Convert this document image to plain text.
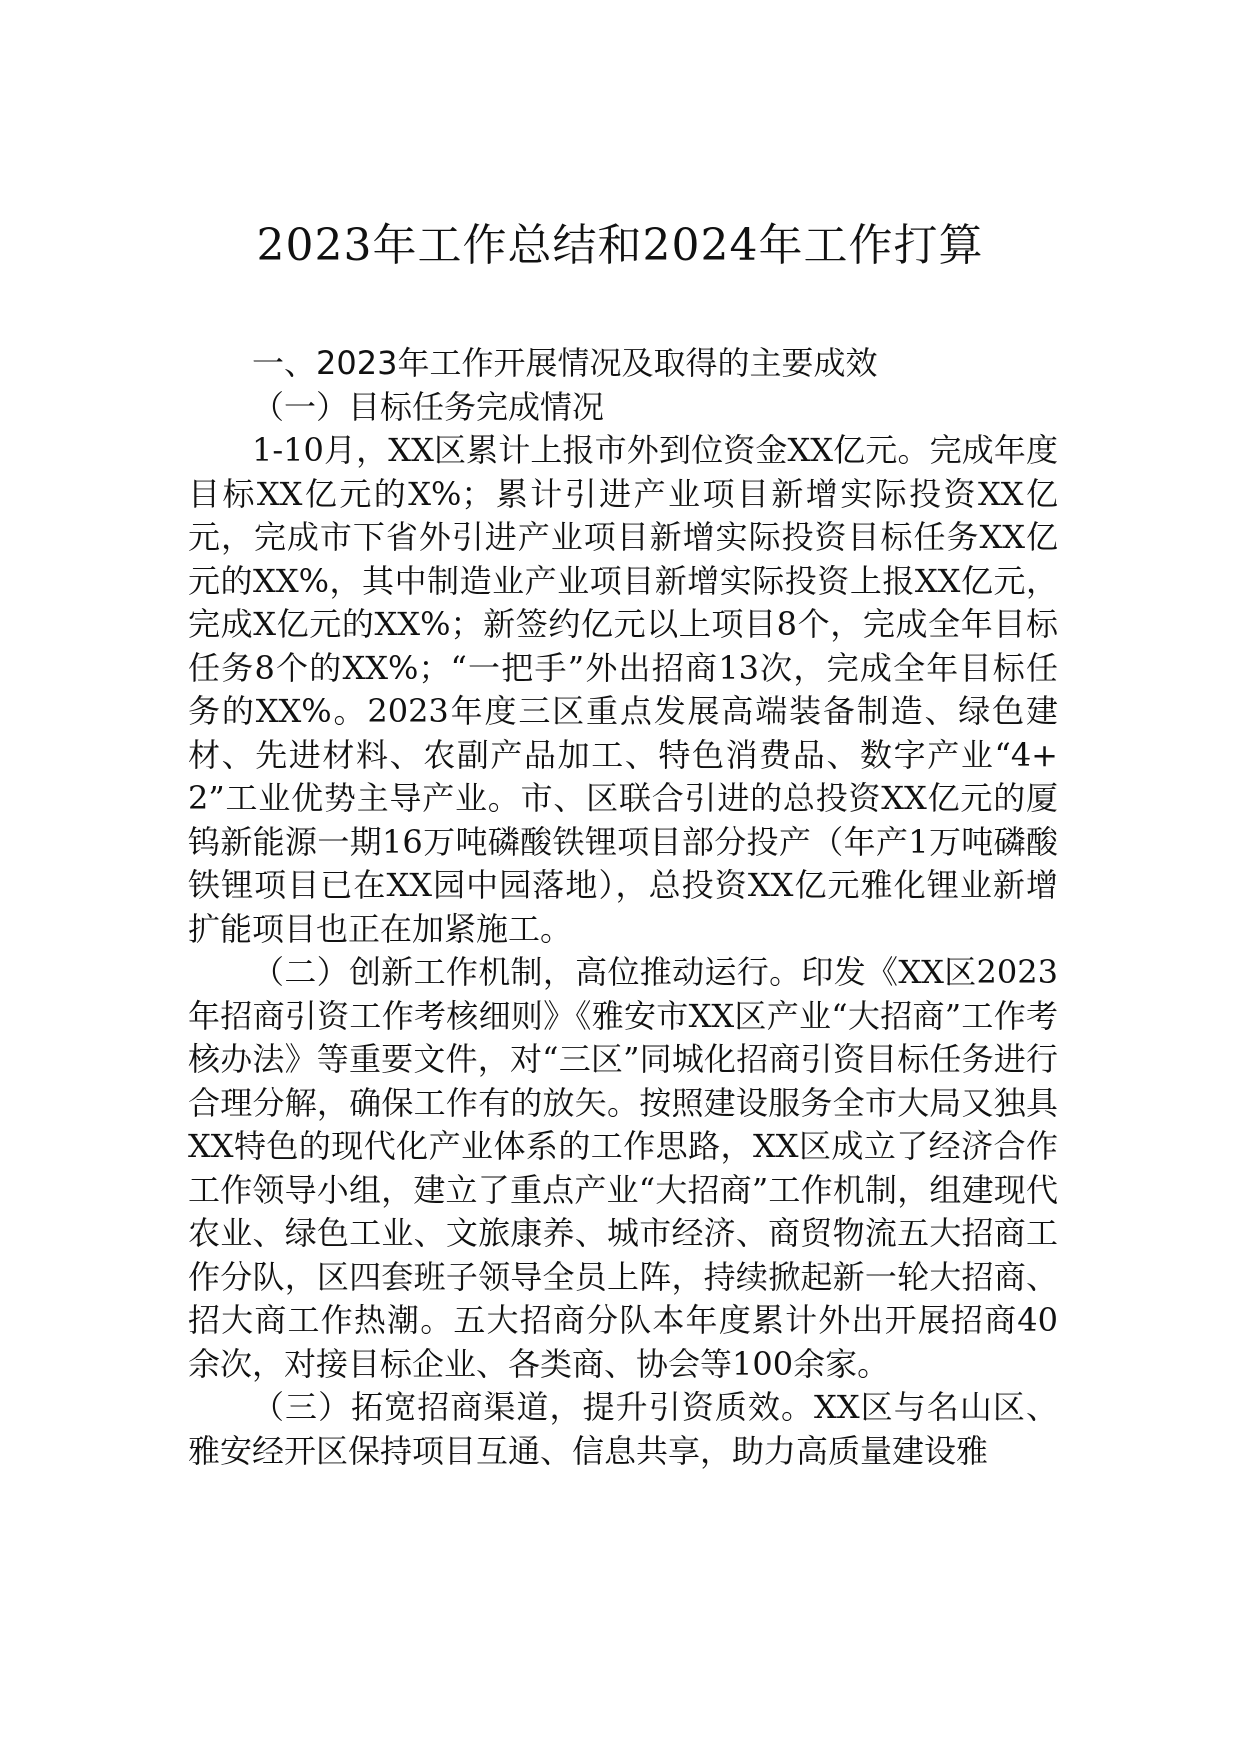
2023年工作总结和2024年工作打算

一、2023年工作开展情况及取得的主要成效

（一）目标任务完成情况

1-10月，XX区累计上报市外到位资金XX亿元。完成年度目标XX亿元的X%；累计引进产业项目新增实际投资XX亿元，完成市下省外引进产业项目新增实际投资目标任务XX亿元的XX%，其中制造业产业项目新增实际投资上报XX亿元，完成X亿元的XX%；新签约亿元以上项目8个，完成全年目标任务8个的XX%；“一把手”外出招商13次，完成全年目标任务的XX%。2023年度三区重点发展高端装备制造、绿色建材、先进材料、农副产品加工、特色消费品、数字产业“4+2”工业优势主导产业。市、区联合引进的总投资XX亿元的厦钨新能源一期16万吨磷酸铁锂项目部分投产（年产1万吨磷酸铁锂项目已在XX园中园落地），总投资XX亿元雅化锂业新增扩能项目也正在加紧施工。

（二）创新工作机制，高位推动运行。印发《XX区2023年招商引资工作考核细则》《雅安市XX区产业“大招商”工作考核办法》等重要文件，对“三区”同城化招商引资目标任务进行合理分解，确保工作有的放矢。按照建设服务全市大局又独具XX特色的现代化产业体系的工作思路，XX区成立了经济合作工作领导小组，建立了重点产业“大招商”工作机制，组建现代农业、绿色工业、文旅康养、城市经济、商贸物流五大招商工作分队，区四套班子领导全员上阵，持续掀起新一轮大招商、招大商工作热潮。五大招商分队本年度累计外出开展招商40余次，对接目标企业、各类商、协会等100余家。

（三）拓宽招商渠道，提升引资质效。XX区与名山区、雅安经开区保持项目互通、信息共享，助力高质量建设雅
